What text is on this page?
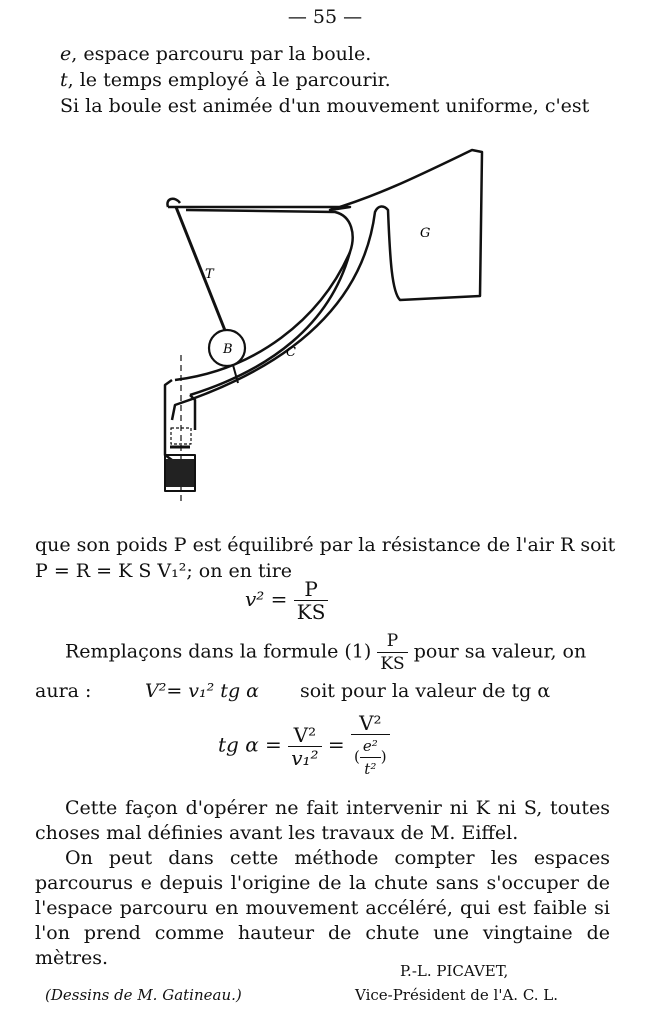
— 55 —
e, espace parcouru par la boule.
t, le temps employé à le parcourir.
Si la boule est animée d'un mouvement uniforme, c'est
T
G
B	C
que son poids P est équilibré par la résistance de l'air R soit
P = R = K S V₁²; on en tire
$v^2 = \frac{P}{KS}$
Remplaçons dans la formule $(1) \frac{P}{KS}$ pour sa valeur, on
aura :	V²= v₁² tg α soit pour la valeur de tg α
tg $\alpha = \frac{\text{V²}}{\text{v₁²}} = \frac{\text{V²}}{( \frac{\text{e²}}{\text{t²}} )}$
Cette façon d'opérer ne fait intervenir ni K ni S, toutes choses mal définies avant les travaux de M. Eiffel.
On peut dans cette méthode compter les espaces parcourus e depuis l'origine de la chute sans s'occuper de l'espace parcouru en mouvement accéléré, qui est faible si l'on prend comme hauteur de chute une vingtaine de mètres.
P.-L. PICAVET,
(Dessins de M. Gatineau.)	Vice-Président de l'A. C. L.
